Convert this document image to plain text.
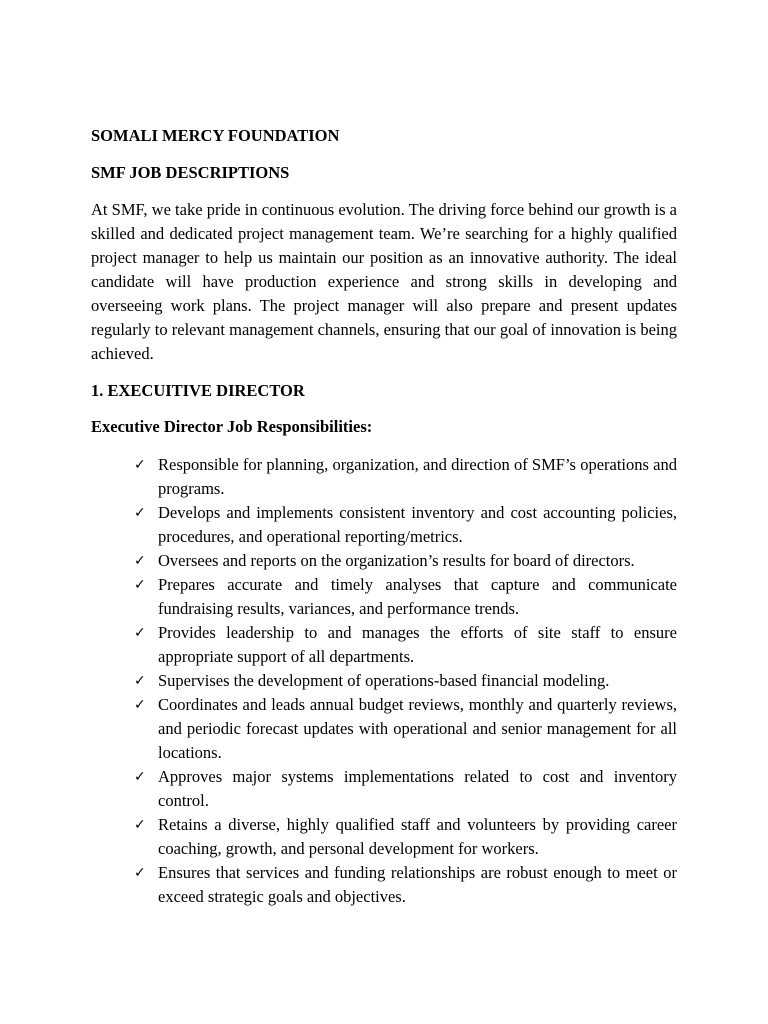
SOMALI MERCY FOUNDATION

SMF JOB DESCRIPTIONS

At SMF, we take pride in continuous evolution. The driving force behind our growth is a skilled and dedicated project management team. We’re searching for a highly qualified project manager to help us maintain our position as an innovative authority. The ideal candidate will have production experience and strong skills in developing and overseeing work plans. The project manager will also prepare and present updates regularly to relevant management channels, ensuring that our goal of innovation is being achieved.

1. EXECUITIVE DIRECTOR

Executive Director Job Responsibilities:

✓ Responsible for planning, organization, and direction of SMF’s operations and programs.
✓ Develops and implements consistent inventory and cost accounting policies, procedures, and operational reporting/metrics.
✓ Oversees and reports on the organization’s results for board of directors.
✓ Prepares accurate and timely analyses that capture and communicate fundraising results, variances, and performance trends.
✓ Provides leadership to and manages the efforts of site staff to ensure appropriate support of all departments.
✓ Supervises the development of operations-based financial modeling.
✓ Coordinates and leads annual budget reviews, monthly and quarterly reviews, and periodic forecast updates with operational and senior management for all locations.
✓ Approves major systems implementations related to cost and inventory control.
✓ Retains a diverse, highly qualified staff and volunteers by providing career coaching, growth, and personal development for workers.
✓ Ensures that services and funding relationships are robust enough to meet or exceed strategic goals and objectives.
